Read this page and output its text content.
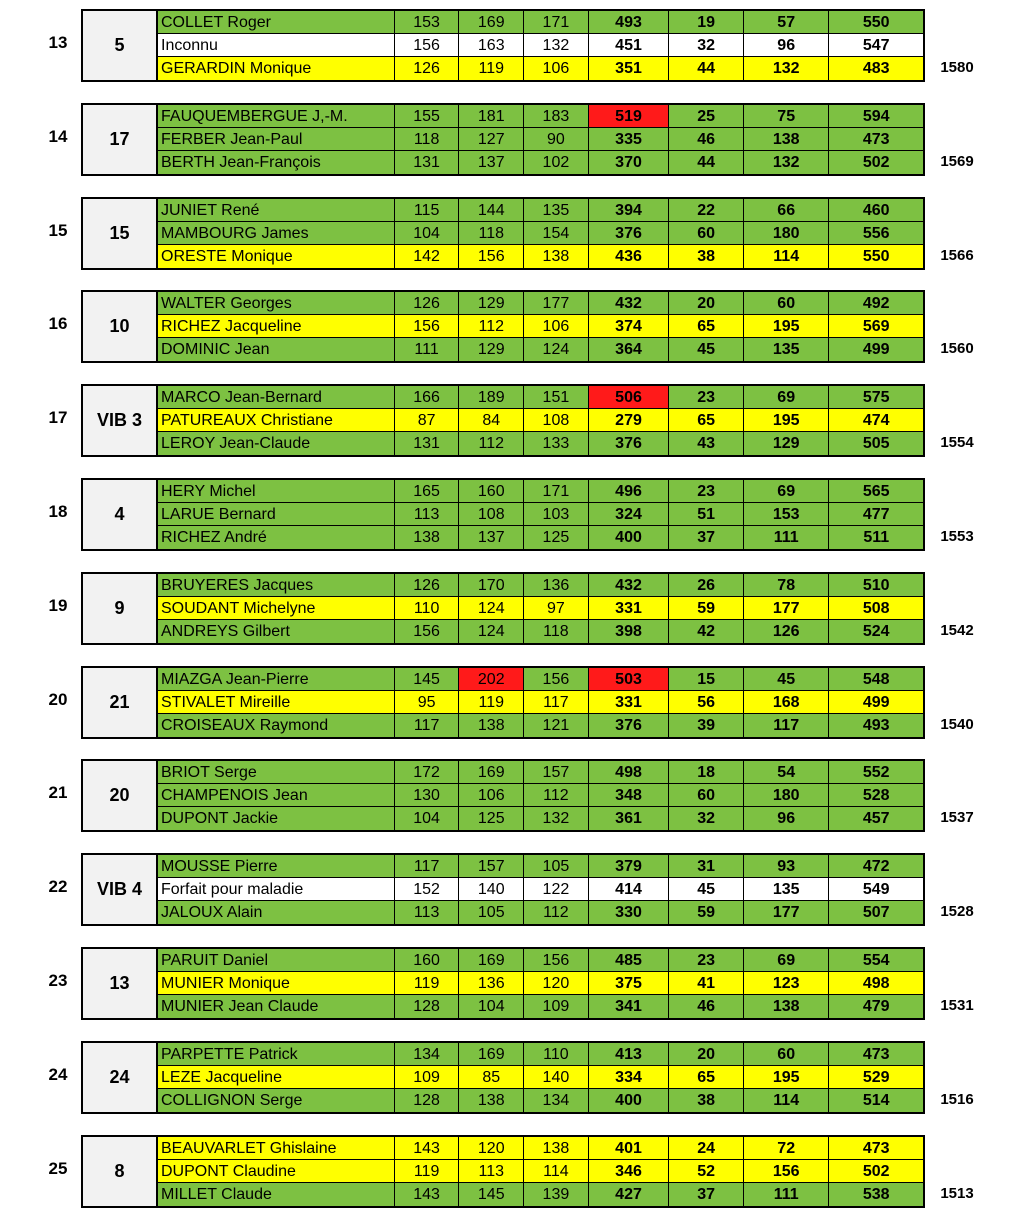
13	5
COLLET Roger	153	169	171	493	19	57	550
Inconnu	156	163	132	451	32	96	547
GERARDIN Monique	126	119	106	351	44	132	483	1580
14	17
FAUQUEMBERGUE J,-M.	155	181	183	519	25	75	594
FERBER Jean-Paul	118	127	90	335	46	138	473
BERTH Jean-François	131	137	102	370	44	132	502	1569
15	15
JUNIET René	115	144	135	394	22	66	460
MAMBOURG James	104	118	154	376	60	180	556
ORESTE Monique	142	156	138	436	38	114	550	1566
16	10
WALTER Georges	126	129	177	432	20	60	492
RICHEZ Jacqueline	156	112	106	374	65	195	569
DOMINIC Jean	111	129	124	364	45	135	499	1560
17	VIB 3
MARCO Jean-Bernard	166	189	151	506	23	69	575
PATUREAUX Christiane	87	84	108	279	65	195	474
LEROY Jean-Claude	131	112	133	376	43	129	505	1554
18	4
HERY Michel	165	160	171	496	23	69	565
LARUE Bernard	113	108	103	324	51	153	477
RICHEZ André	138	137	125	400	37	111	511	1553
19	9
BRUYERES Jacques	126	170	136	432	26	78	510
SOUDANT Michelyne	110	124	97	331	59	177	508
ANDREYS Gilbert	156	124	118	398	42	126	524	1542
20	21
MIAZGA Jean-Pierre	145	202	156	503	15	45	548
STIVALET Mireille	95	119	117	331	56	168	499
CROISEAUX Raymond	117	138	121	376	39	117	493	1540
21	20
BRIOT Serge	172	169	157	498	18	54	552
CHAMPENOIS Jean	130	106	112	348	60	180	528
DUPONT Jackie	104	125	132	361	32	96	457	1537
22	VIB 4
MOUSSE Pierre	117	157	105	379	31	93	472
Forfait pour maladie	152	140	122	414	45	135	549
JALOUX Alain	113	105	112	330	59	177	507	1528
23	13
PARUIT Daniel	160	169	156	485	23	69	554
MUNIER Monique	119	136	120	375	41	123	498
MUNIER Jean Claude	128	104	109	341	46	138	479	1531
24	24
PARPETTE Patrick	134	169	110	413	20	60	473
LEZE Jacqueline	109	85	140	334	65	195	529
COLLIGNON Serge	128	138	134	400	38	114	514	1516
25	8
BEAUVARLET Ghislaine	143	120	138	401	24	72	473
DUPONT Claudine	119	113	114	346	52	156	502
MILLET Claude	143	145	139	427	37	111	538	1513
